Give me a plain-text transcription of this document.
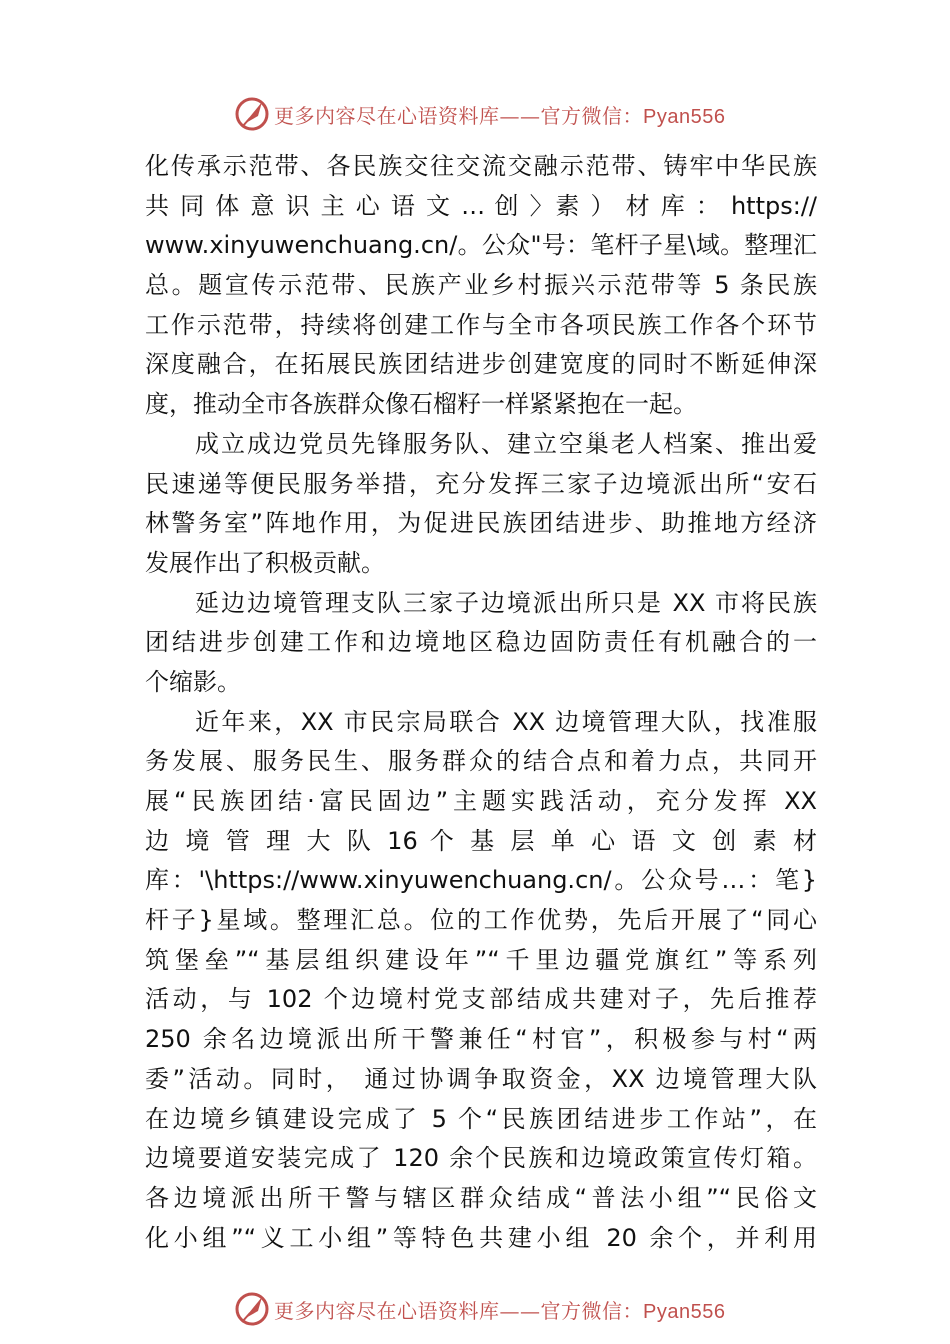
更多内容尽在心语资料库——官方微信：Pyan556
化传承示范带、各民族交往交流交融示范带、铸牢中华民族
共 同 体 意 识 主 心 语 文 … 创 〉素 ） 材 库 ： https://
www.xinyuwenchuang.cn/。公众"号：笔杆子星\域。整理汇
总。题宣传示范带、民族产业乡村振兴示范带等 5 条民族
工作示范带，持续将创建工作与全市各项民族工作各个环节
深度融合，在拓展民族团结进步创建宽度的同时不断延伸深
度，推动全市各族群众像石榴籽一样紧紧抱在一起。
成立成边党员先锋服务队、建立空巢老人档案、推出爱
民速递等便民服务举措，充分发挥三家子边境派出所“安石
林警务室”阵地作用，为促进民族团结进步、助推地方经济
发展作出了积极贡献。
延边边境管理支队三家子边境派出所只是 XX 市将民族
团结进步创建工作和边境地区稳边固防责任有机融合的一
个缩影。
近年来，XX 市民宗局联合 XX 边境管理大队，找准服
务发展、服务民生、服务群众的结合点和着力点，共同开
展“民族团结·富民固边”主题实践活动，充分发挥 XX
边 境 管 理 大 队 16 个 基 层 单 心 语 文 创 素 材
库：'\https://www.xinyuwenchuang.cn/。公众号…：笔}
杆子}星域。整理汇总。位的工作优势，先后开展了“同心
筑堡垒”“基层组织建设年”“千里边疆党旗红”等系列
活动，与 102 个边境村党支部结成共建对子，先后推荐
250 余名边境派出所干警兼任“村官”，积极参与村“两
委”活动。同时， 通过协调争取资金，XX 边境管理大队
在边境乡镇建设完成了 5 个“民族团结进步工作站”，在
边境要道安装完成了 120 余个民族和边境政策宣传灯箱。
各边境派出所干警与辖区群众结成“普法小组”“民俗文
化小组”“义工小组”等特色共建小组 20 余个，并利用
更多内容尽在心语资料库——官方微信：Pyan556
